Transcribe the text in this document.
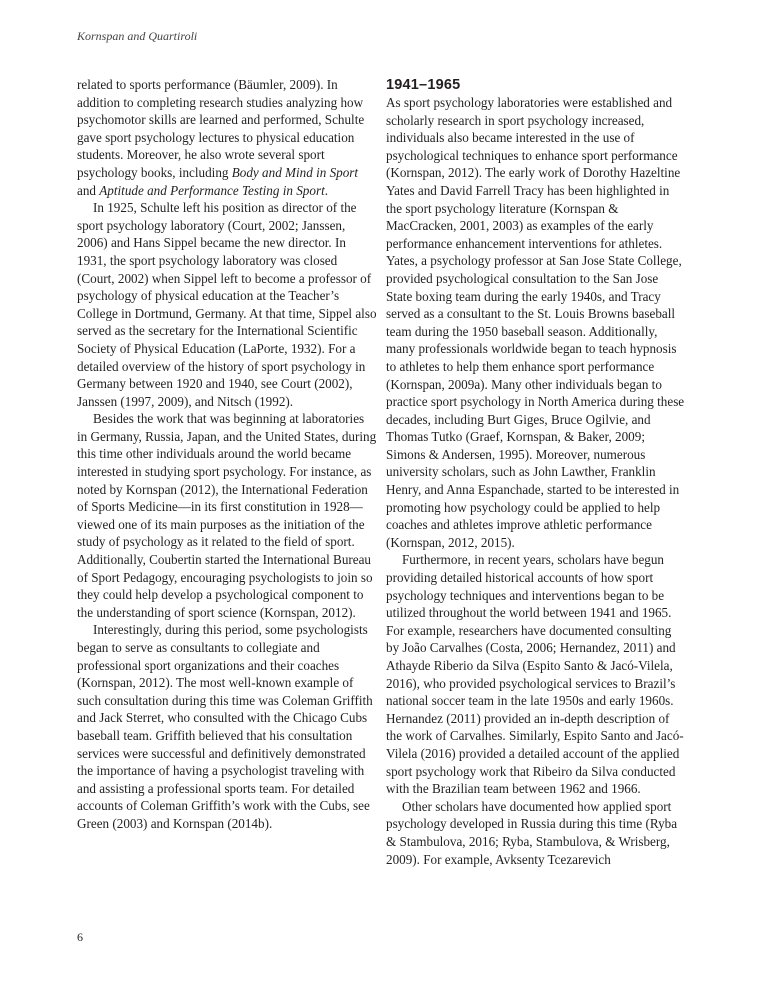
Kornspan and Quartiroli

related to sports performance (Bäumler, 2009). In addition to completing research studies analyzing how psychomotor skills are learned and performed, Schulte gave sport psychology lectures to physical education students. Moreover, he also wrote several sport psychology books, including Body and Mind in Sport and Aptitude and Performance Testing in Sport.

In 1925, Schulte left his position as director of the sport psychology laboratory (Court, 2002; Janssen, 2006) and Hans Sippel became the new director. In 1931, the sport psychology laboratory was closed (Court, 2002) when Sippel left to become a professor of psychology of physical education at the Teacher’s College in Dortmund, Germany. At that time, Sippel also served as the secretary for the International Scientific Society of Physical Education (LaPorte, 1932). For a detailed overview of the history of sport psychology in Germany between 1920 and 1940, see Court (2002), Janssen (1997, 2009), and Nitsch (1992).

Besides the work that was beginning at laboratories in Germany, Russia, Japan, and the United States, during this time other individuals around the world became interested in studying sport psychology. For instance, as noted by Kornspan (2012), the International Federation of Sports Medicine—in its first constitution in 1928—viewed one of its main purposes as the initiation of the study of psychology as it related to the field of sport. Additionally, Coubertin started the International Bureau of Sport Pedagogy, encouraging psychologists to join so they could help develop a psychological component to the understanding of sport science (Kornspan, 2012).

Interestingly, during this period, some psychologists began to serve as consultants to collegiate and professional sport organizations and their coaches (Kornspan, 2012). The most well-known example of such consultation during this time was Coleman Griffith and Jack Sterret, who consulted with the Chicago Cubs baseball team. Griffith believed that his consultation services were successful and definitively demonstrated the importance of having a psychologist traveling with and assisting a professional sports team. For detailed accounts of Coleman Griffith’s work with the Cubs, see Green (2003) and Kornspan (2014b).

1941–1965

As sport psychology laboratories were established and scholarly research in sport psychology increased, individuals also became interested in the use of psychological techniques to enhance sport performance (Kornspan, 2012). The early work of Dorothy Hazeltine Yates and David Farrell Tracy has been highlighted in the sport psychology literature (Kornspan & MacCracken, 2001, 2003) as examples of the early performance enhancement interventions for athletes. Yates, a psychology professor at San Jose State College, provided psychological consultation to the San Jose State boxing team during the early 1940s, and Tracy served as a consultant to the St. Louis Browns baseball team during the 1950 baseball season. Additionally, many professionals worldwide began to teach hypnosis to athletes to help them enhance sport performance (Kornspan, 2009a). Many other individuals began to practice sport psychology in North America during these decades, including Burt Giges, Bruce Ogilvie, and Thomas Tutko (Graef, Kornspan, & Baker, 2009; Simons & Andersen, 1995). Moreover, numerous university scholars, such as John Lawther, Franklin Henry, and Anna Espanchade, started to be interested in promoting how psychology could be applied to help coaches and athletes improve athletic performance (Kornspan, 2012, 2015).

Furthermore, in recent years, scholars have begun providing detailed historical accounts of how sport psychology techniques and interventions began to be utilized throughout the world between 1941 and 1965. For example, researchers have documented consulting by João Carvalhes (Costa, 2006; Hernandez, 2011) and Athayde Riberio da Silva (Espito Santo & Jacó-Vilela, 2016), who provided psychological services to Brazil’s national soccer team in the late 1950s and early 1960s. Hernandez (2011) provided an in-depth description of the work of Carvalhes. Similarly, Espito Santo and Jacó-Vilela (2016) provided a detailed account of the applied sport psychology work that Ribeiro da Silva conducted with the Brazilian team between 1962 and 1966.

Other scholars have documented how applied sport psychology developed in Russia during this time (Ryba & Stambulova, 2016; Ryba, Stambulova, & Wrisberg, 2009). For example, Avksenty Tcezarevich

6
